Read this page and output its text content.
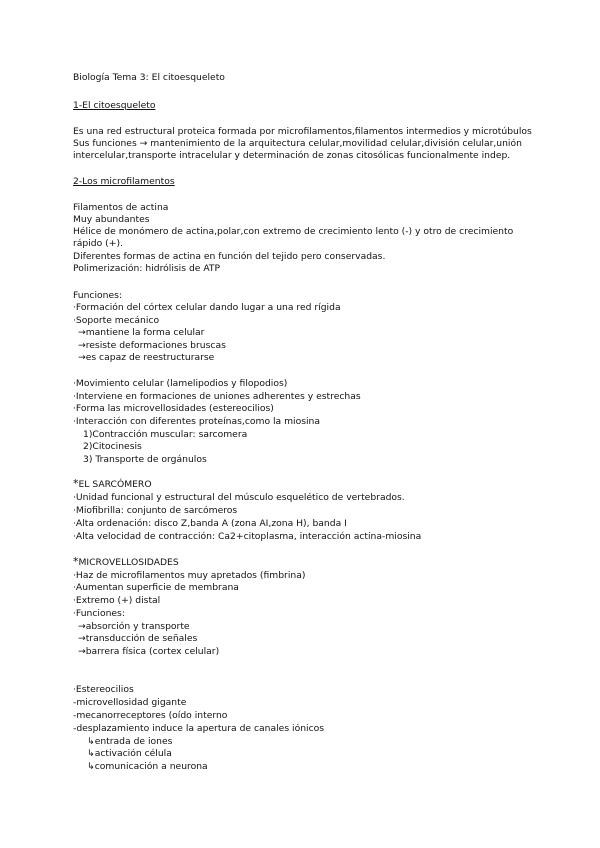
Biología Tema 3: El citoesqueleto
1-El citoesqueleto
Es una red estructural proteica formada por microfilamentos,filamentos intermedios y microtúbulos
Sus funciones → mantenimiento de la arquitectura celular,movilidad celular,división celular,unión
intercelular,transporte intracelular y determinación de zonas citosólicas funcionalmente indep.
2-Los microfilamentos
Filamentos de actina
Muy abundantes
Hélice de monómero de actina,polar,con extremo de crecimiento lento (-) y otro de crecimiento
rápido (+).
Diferentes formas de actina en función del tejido pero conservadas.
Polimerización: hidrólisis de ATP
Funciones:
·Formación del córtex celular dando lugar a una red rígida
·Soporte mecánico
→mantiene la forma celular
→resiste deformaciones bruscas
→es capaz de reestructurarse
·Movimiento celular (lamelipodios y filopodios)
·Interviene en formaciones de uniones adherentes y estrechas
·Forma las microvellosidades (estereocilios)
·Interacción con diferentes proteínas,como la miosina
1)Contracción muscular: sarcomera
2)Citocinesis
3) Transporte de orgánulos
*EL SARCÓMERO
·Unidad funcional y estructural del músculo esquelético de vertebrados.
·Miofibrilla: conjunto de sarcómeros
·Alta ordenación: disco Z,banda A (zona AI,zona H), banda I
·Alta velocidad de contracción: Ca2+citoplasma, interacción actina-miosina
*MICROVELLOSIDADES
·Haz de microfilamentos muy apretados (fimbrina)
·Aumentan superficie de membrana
·Extremo (+) distal
·Funciones:
→absorción y transporte
→transducción de señales
→barrera física (cortex celular)
·Estereocilios
-microvellosidad gigante
-mecanorreceptores (oído interno
-desplazamiento induce la apertura de canales iónicos
↳entrada de iones
↳activación célula
↳comunicación a neurona
